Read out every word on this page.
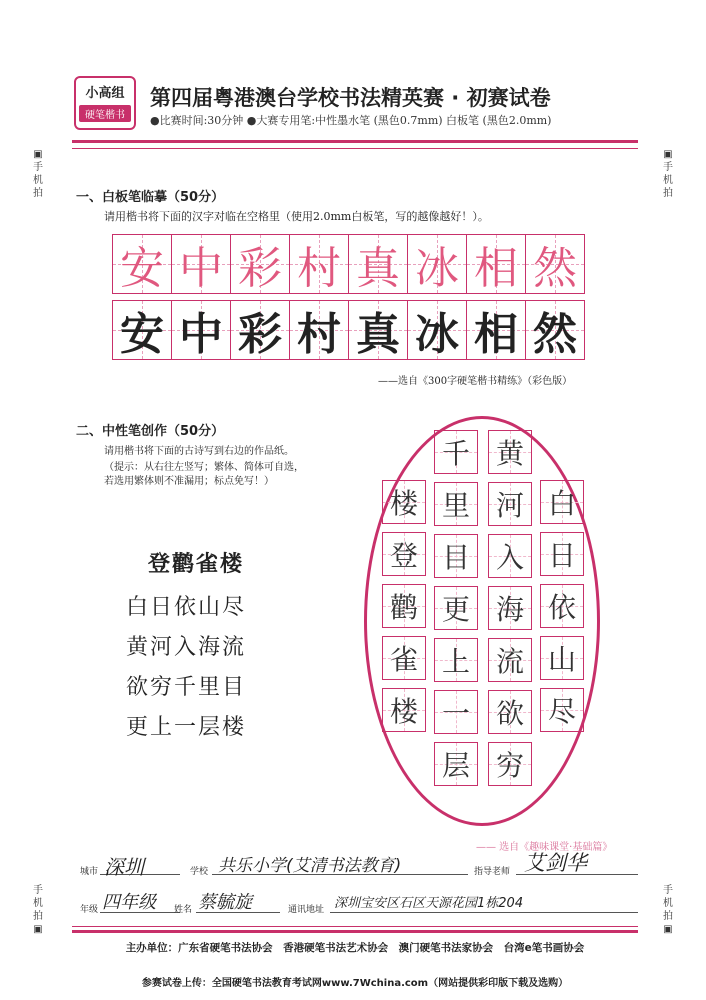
小高组
硬笔楷书
第四届粤港澳台学校书法精英赛 · 初赛试卷
●比赛时间:30分钟 ●大赛专用笔:中性墨水笔 (黑色0.7mm) 白板笔 (黑色2.0mm)
▣
手机拍
▣
手机拍
手机拍
▣
手机拍
▣
一、白板笔临摹（50分）
请用楷书将下面的汉字对临在空格里（使用2.0mm白板笔，写的越像越好！）。
安 中 彩 村 真 冰 相 然
安 中 彩 村 真 冰 相 然
——选自《300字硬笔楷书精练》（彩色版）
二、中性笔创作（50分）
请用楷书将下面的古诗写到右边的作品纸。
（提示：从右往左竖写；繁体、简体可自选，
若选用繁体则不准漏用；标点免写！）
登鹳雀楼
白日依山尽
黄河入海流
欲穷千里目
更上一层楼
白
日
依
山
尽
黄
河
入
海
流
欲
穷
千
里
目
更
上
一
层
楼
登
鹳
雀
楼
—— 选自《趣味课堂·基础篇》
城市 深圳	学校 共乐小学(艾清书法教育)	指导老师 艾剑华
年级 四年级 姓名 蔡毓旋	通讯地址 深圳宝安区石区天源花园1栋204
主办单位：广东省硬笔书法协会　香港硬笔书法艺术协会　澳门硬笔书法家协会　台湾e笔书画协会
参赛试卷上传：全国硬笔书法教育考试网www.7Wchina.com（网站提供彩印版下载及选购）
